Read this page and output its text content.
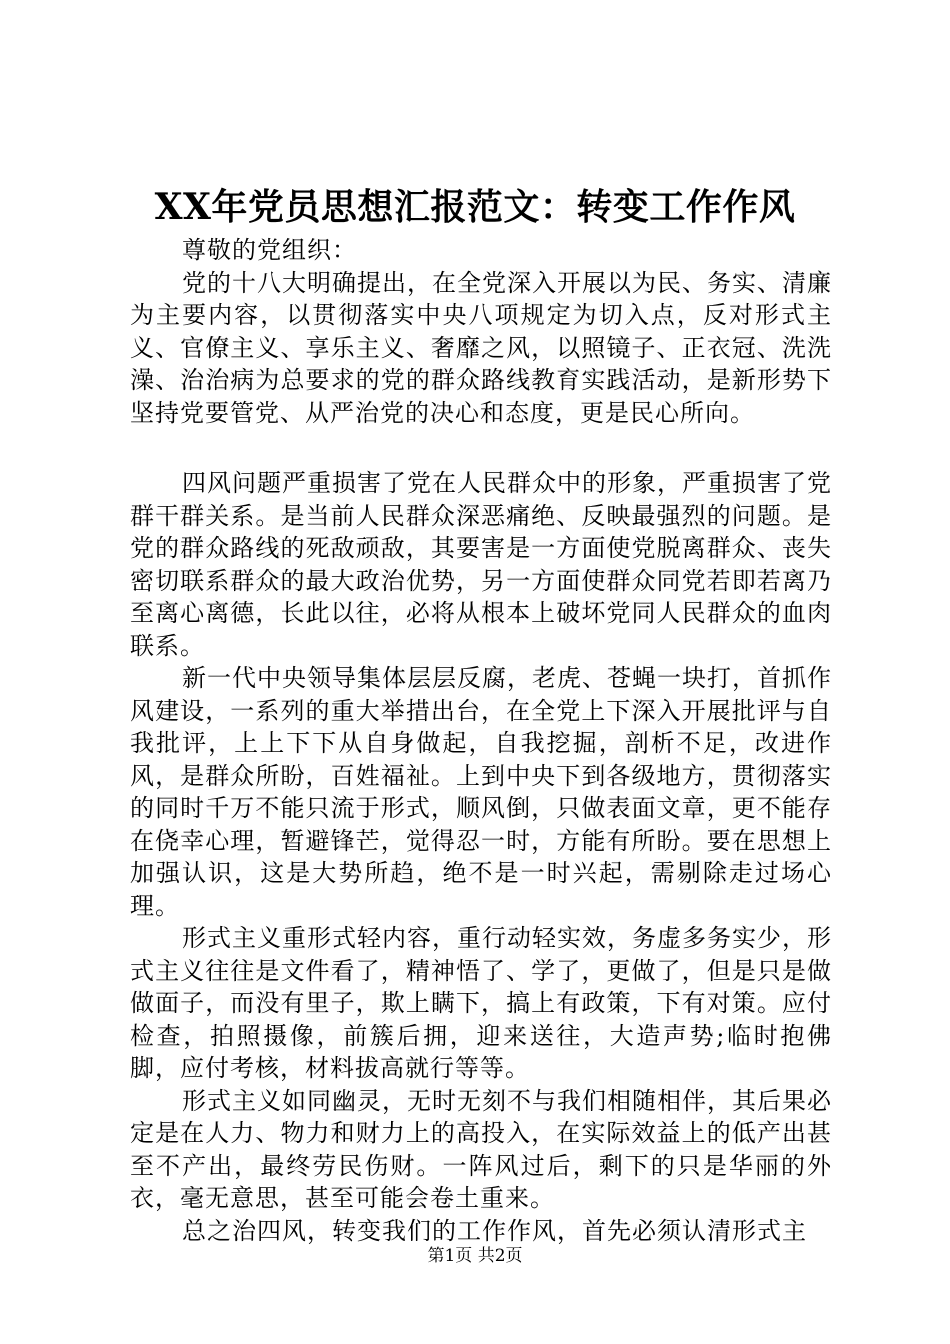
XX年党员思想汇报范文：转变工作作风

尊敬的党组织：

党的十八大明确提出，在全党深入开展以为民、务实、清廉为主要内容，以贯彻落实中央八项规定为切入点，反对形式主义、官僚主义、享乐主义、奢靡之风，以照镜子、正衣冠、洗洗澡、治治病为总要求的党的群众路线教育实践活动，是新形势下坚持党要管党、从严治党的决心和态度，更是民心所向。

四风问题严重损害了党在人民群众中的形象，严重损害了党群干群关系。是当前人民群众深恶痛绝、反映最强烈的问题。是党的群众路线的死敌顽敌，其要害是一方面使党脱离群众、丧失密切联系群众的最大政治优势，另一方面使群众同党若即若离乃至离心离德，长此以往，必将从根本上破坏党同人民群众的血肉联系。

新一代中央领导集体层层反腐，老虎、苍蝇一块打，首抓作风建设，一系列的重大举措出台，在全党上下深入开展批评与自我批评，上上下下从自身做起，自我挖掘，剖析不足，改进作风，是群众所盼，百姓福祉。上到中央下到各级地方，贯彻落实的同时千万不能只流于形式，顺风倒，只做表面文章，更不能存在侥幸心理，暂避锋芒，觉得忍一时，方能有所盼。要在思想上加强认识，这是大势所趋，绝不是一时兴起，需剔除走过场心理。

形式主义重形式轻内容，重行动轻实效，务虚多务实少，形式主义往往是文件看了，精神悟了、学了，更做了，但是只是做做面子，而没有里子，欺上瞒下，搞上有政策，下有对策。应付检查，拍照摄像，前簇后拥，迎来送往，大造声势;临时抱佛脚，应付考核，材料拔高就行等等。

形式主义如同幽灵，无时无刻不与我们相随相伴，其后果必定是在人力、物力和财力上的高投入，在实际效益上的低产出甚至不产出，最终劳民伤财。一阵风过后，剩下的只是华丽的外衣，毫无意思，甚至可能会卷土重来。

总之治四风，转变我们的工作作风，首先必须认清形式主

第1页 共2页
